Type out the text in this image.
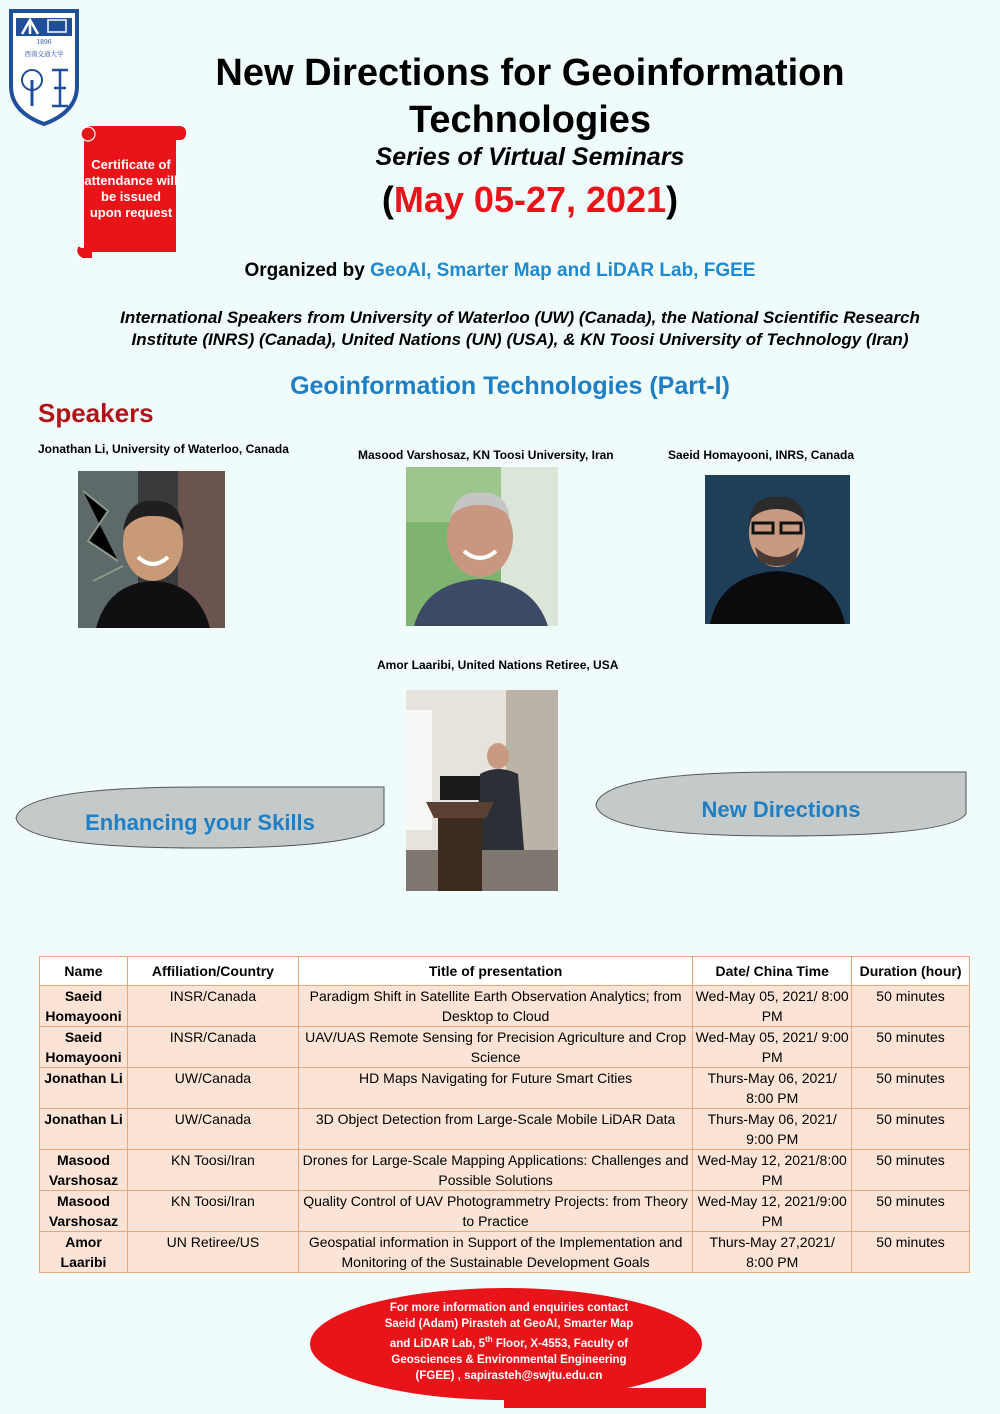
1896
西南交通大学	New Directions for Geoinformation
Technologies
Series of Virtual Seminars
(May 05-27, 2021)
Certificate of attendance will be issued upon request
Organized by GeoAI, Smarter Map and LiDAR Lab, FGEE
International Speakers from University of Waterloo (UW) (Canada), the National Scientific Research
Institute (INRS) (Canada), United Nations (UN) (USA), & KN Toosi University of Technology (Iran)
Geoinformation Technologies (Part-I)
Speakers
Jonathan Li, University of Waterloo, Canada	Masood Varshosaz, KN Toosi University, Iran	Saeid Homayooni, INRS, Canada
Amor Laaribi, United Nations Retiree, USA
Enhancing your Skills
New Directions
Name	Affiliation/Country	Title of presentation	Date/ China Time	Duration (hour)
Saeid Homayooni	INSR/Canada	Paradigm Shift in Satellite Earth Observation Analytics; from Desktop to Cloud	Wed-May 05, 2021/ 8:00 PM	50 minutes
Saeid Homayooni	INSR/Canada	UAV/UAS Remote Sensing for Precision Agriculture and Crop Science	Wed-May 05, 2021/ 9:00 PM	50 minutes
Jonathan Li	UW/Canada	HD Maps Navigating for Future Smart Cities	Thurs-May 06, 2021/ 8:00 PM	50 minutes
Jonathan Li	UW/Canada	3D Object Detection from Large-Scale Mobile LiDAR Data	Thurs-May 06, 2021/ 9:00 PM	50 minutes
Masood Varshosaz	KN Toosi/Iran	Drones for Large-Scale Mapping Applications: Challenges and Possible Solutions	Wed-May 12, 2021/8:00 PM	50 minutes
Masood Varshosaz	KN Toosi/Iran	Quality Control of UAV Photogrammetry Projects: from Theory to Practice	Wed-May 12, 2021/9:00 PM	50 minutes
Amor Laaribi	UN Retiree/US	Geospatial information in Support of the Implementation and Monitoring of the Sustainable Development Goals	Thurs-May 27,2021/ 8:00 PM	50 minutes
For more information and enquiries contact
Saeid (Adam) Pirasteh at GeoAI, Smarter Map
and LiDAR Lab, 5th Floor, X-4553, Faculty of
Geosciences & Environmental Engineering
(FGEE) , sapirasteh@swjtu.edu.cn
